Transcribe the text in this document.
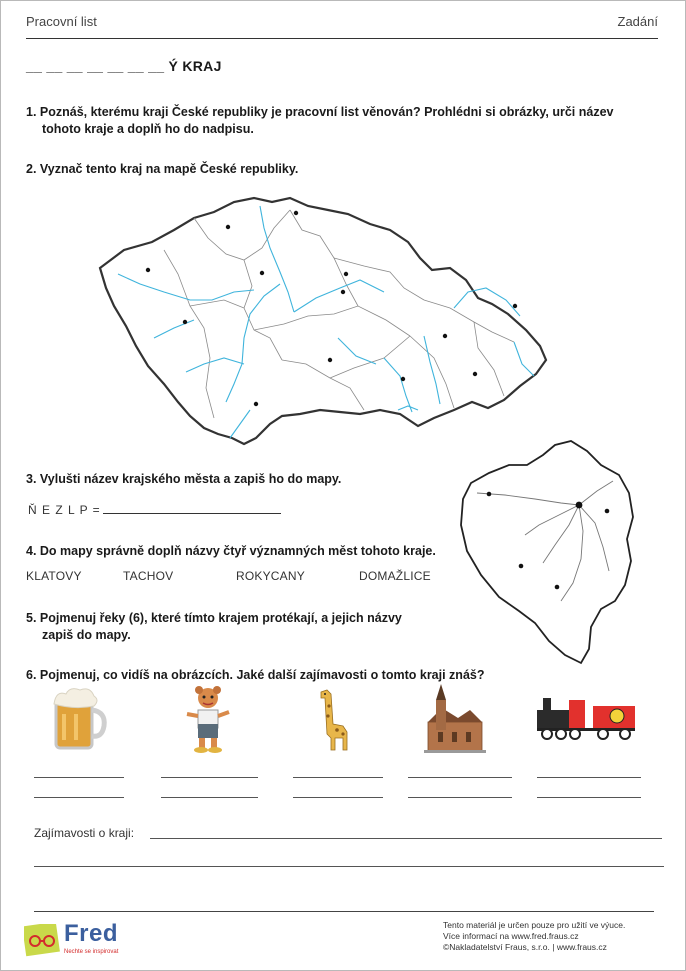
Pracovní list	Zadání
__ __ __ __ __ __ __ Ý KRAJ
1. Poznáš, kterému kraji České republiky je pracovní list věnován? Prohlédni si obrázky, urči název
tohoto kraje a doplň ho do nadpisu.
2. Vyznač tento kraj na mapě České republiky.
3. Vylušti název krajského města a zapiš ho do mapy.
Ň E Z L P =
4. Do mapy správně doplň názvy čtyř významných měst tohoto kraje.
KLATOVY	TACHOV	ROKYCANY	DOMAŽLICE
5. Pojmenuj řeky (6), které tímto krajem protékají, a jejich názvy
zapiš do mapy.
6. Pojmenuj, co vidíš na obrázcích. Jaké další zajímavosti o tomto kraji znáš?
Zajímavosti o kraji:
Fred
Nechte se inspirovat
Tento materiál je určen pouze pro užití ve výuce.
Více informací na www.fred.fraus.cz
©Nakladatelství Fraus, s.r.o. | www.fraus.cz
